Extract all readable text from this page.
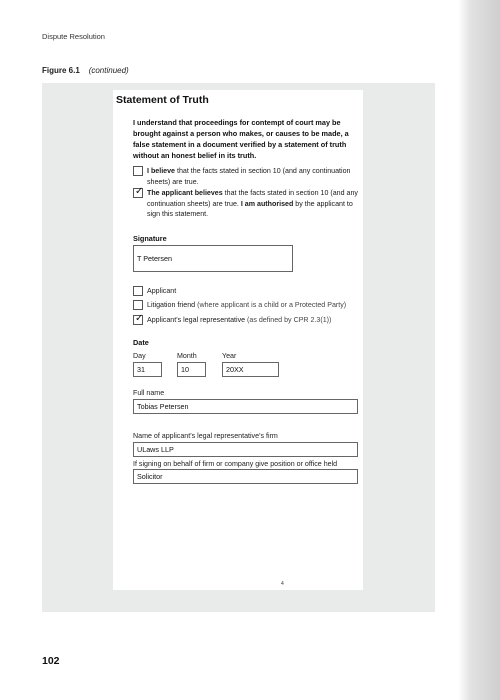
Dispute Resolution
Figure 6.1 (continued)
Statement of Truth
I understand that proceedings for contempt of court may be brought against a person who makes, or causes to be made, a false statement in a document verified by a statement of truth without an honest belief in its truth.
I believe that the facts stated in section 10 (and any continuation sheets) are true.
✓ The applicant believes that the facts stated in section 10 (and any continuation sheets) are true. I am authorised by the applicant to sign this statement.
Signature
T Petersen
Applicant
Litigation friend (where applicant is a child or a Protected Party)
✓ Applicant’s legal representative (as defined by CPR 2.3(1))
Date
Day	Month	Year
31	10	20XX
Full name
Tobias Petersen
Name of applicant’s legal representative’s firm
ULaws LLP
If signing on behalf of firm or company give position or office held
Solicitor
4
102
